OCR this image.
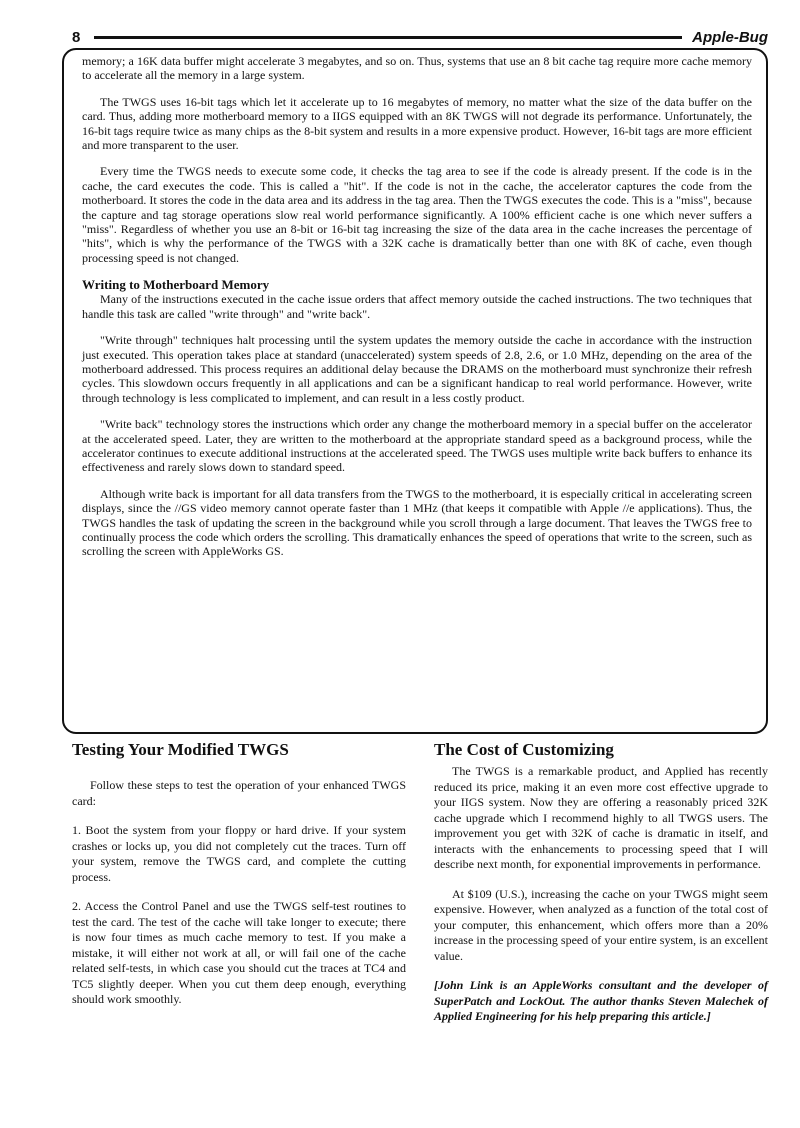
8	Apple-Bug

memory; a 16K data buffer might accelerate 3 megabytes, and so on. Thus, systems that use an 8 bit cache tag require more cache memory to accelerate all the memory in a large system.

The TWGS uses 16-bit tags which let it accelerate up to 16 megabytes of memory, no matter what the size of the data buffer on the card. Thus, adding more motherboard memory to a IIGS equipped with an 8K TWGS will not degrade its performance. Unfortunately, the 16-bit tags require twice as many chips as the 8-bit system and results in a more expensive product. However, 16-bit tags are more efficient and more transparent to the user.

Every time the TWGS needs to execute some code, it checks the tag area to see if the code is already present. If the code is in the cache, the card executes the code. This is called a "hit". If the code is not in the cache, the accelerator captures the code from the motherboard. It stores the code in the data area and its address in the tag area. Then the TWGS executes the code. This is a "miss", because the capture and tag storage operations slow real world performance significantly. A 100% efficient cache is one which never suffers a "miss". Regardless of whether you use an 8-bit or 16-bit tag increasing the size of the data area in the cache increases the percentage of "hits", which is why the performance of the TWGS with a 32K cache is dramatically better than one with 8K of cache, even though processing speed is not changed.

Writing to Motherboard Memory

Many of the instructions executed in the cache issue orders that affect memory outside the cached instructions. The two techniques that handle this task are called "write through" and "write back".

"Write through" techniques halt processing until the system updates the memory outside the cache in accordance with the instruction just executed. This operation takes place at standard (unaccelerated) system speeds of 2.8, 2.6, or 1.0 MHz, depending on the area of the motherboard addressed. This process requires an additional delay because the DRAMS on the motherboard must synchronize their refresh cycles. This slowdown occurs frequently in all applications and can be a significant handicap to real world performance. However, write through technology is less complicated to implement, and can result in a less costly product.

"Write back" technology stores the instructions which order any change the motherboard memory in a special buffer on the accelerator at the accelerated speed. Later, they are written to the motherboard at the appropriate standard speed as a background process, while the accelerator continues to execute additional instructions at the accelerated speed. The TWGS uses multiple write back buffers to enhance its effectiveness and rarely slows down to standard speed.

Although write back is important for all data transfers from the TWGS to the motherboard, it is especially critical in accelerating screen displays, since the //GS video memory cannot operate faster than 1 MHz (that keeps it compatible with Apple //e applications). Thus, the TWGS handles the task of updating the screen in the background while you scroll through a large document. That leaves the TWGS free to continually process the code which orders the scrolling. This dramatically enhances the speed of operations that write to the screen, such as scrolling the screen with AppleWorks GS.

Testing Your Modified TWGS

Follow these steps to test the operation of your enhanced TWGS card:

1. Boot the system from your floppy or hard drive. If your system crashes or locks up, you did not completely cut the traces. Turn off your system, remove the TWGS card, and complete the cutting process.

2. Access the Control Panel and use the TWGS self-test routines to test the card. The test of the cache will take longer to execute; there is now four times as much cache memory to test. If you make a mistake, it will either not work at all, or will fail one of the cache related self-tests, in which case you should cut the traces at TC4 and TC5 slightly deeper. When you cut them deep enough, everything should work smoothly.

The Cost of Customizing

The TWGS is a remarkable product, and Applied has recently reduced its price, making it an even more cost effective upgrade to your IIGS system. Now they are offering a reasonably priced 32K cache upgrade which I recommend highly to all TWGS users. The improvement you get with 32K of cache is dramatic in itself, and interacts with the enhancements to processing speed that I will describe next month, for exponential improvements in performance.

At $109 (U.S.), increasing the cache on your TWGS might seem expensive. However, when analyzed as a function of the total cost of your computer, this enhancement, which offers more than a 20% increase in the processing speed of your entire system, is an excellent value.

[John Link is an AppleWorks consultant and the developer of SuperPatch and LockOut. The author thanks Steven Malechek of Applied Engineering for his help preparing this article.]
